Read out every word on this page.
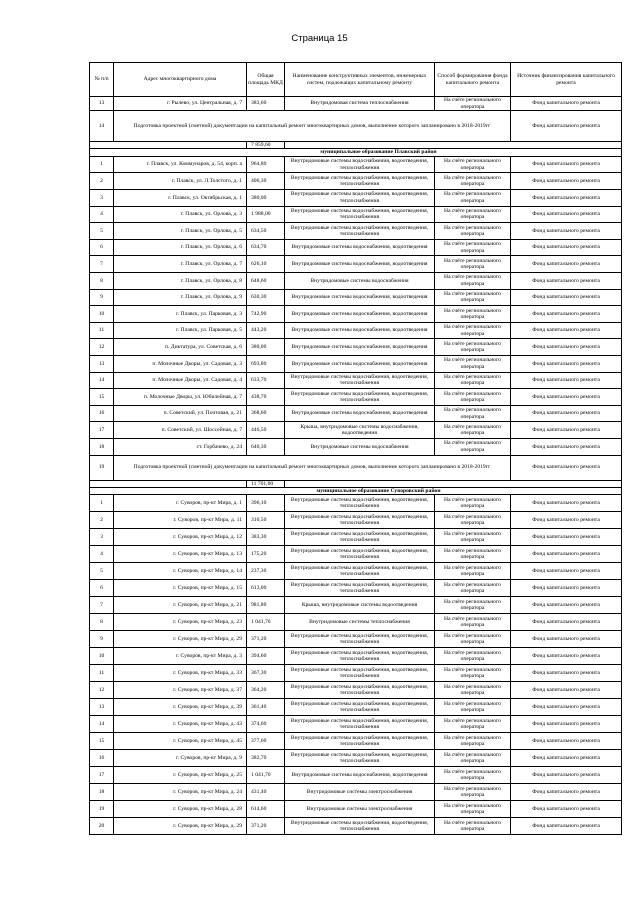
Страница 15
№ п/п	Адрес многоквартирного дома	Общая площадь МКД	Наименование конструктивных элементов, инженерных систем, подлежащих капитальному ремонту	Способ формирования фонда капитального ремонта	Источник финансирования капитального ремонта
13	г. Рылево, ул. Центральная, д. 7	383,60	Внутридомовая система теплоснабжения	На счёте регионального оператора	Фонд капитального ремонта
14	Подготовка проектной (сметной) документации на капитальный ремонт многоквартирных домов, выполнение которого запланировано в 2018-2019гг				Фонд капитального ремонта
		7 859,60			
		муниципальное образование Плавский район			
1	г. Плавск, ул. Коммунаров, д. 54, корп. а	964,80	Внутридомовые системы водоснабжения, водоотведения, теплоснабжения	На счёте регионального оператора	Фонд капитального ремонта
2	г. Плавск, ул. Л.Толстого, д. 1	406,30	Внутридомовые системы водоснабжения, водоотведения, теплоснабжения	На счёте регионального оператора	Фонд капитального ремонта
3	г. Плавск, ул. Октябрьская, д. 1	380,00	Внутридомовые системы водоснабжения, водоотведения, теплоснабжения	На счёте регионального оператора	Фонд капитального ремонта
4	г. Плавск, ул. Орлова, д. 3	1 988,00	Внутридомовые системы водоснабжения, водоотведения, теплоснабжения	На счёте регионального оператора	Фонд капитального ремонта
5	г. Плавск, ул. Орлова, д. 5	634,50	Внутридомовые системы водоснабжения, водоотведения, теплоснабжения	На счёте регионального оператора	Фонд капитального ремонта
6	г. Плавск, ул. Орлова, д. 6	634,70	Внутридомовые системы водоснабжения, водоотведения	На счёте регионального оператора	Фонд капитального ремонта
7	г. Плавск, ул. Орлова, д. 7	626,10	Внутридомовые системы водоснабжения, водоотведения	На счёте регионального оператора	Фонд капитального ремонта
8	г. Плавск, ул. Орлова, д. 8	648,60	Внутридомовые системы водоснабжения	На счёте регионального оператора	Фонд капитального ремонта
9	г. Плавск, ул. Орлова, д. 9	630,30	Внутридомовые системы водоснабжения, водоотведения	На счёте регионального оператора	Фонд капитального ремонта
10	г. Плавск, ул. Парковая, д. 3	742,90	Внутридомовые системы водоснабжения, водоотведения	На счёте регионального оператора	Фонд капитального ремонта
11	г. Плавск, ул. Парковая, д. 5	443,20	Внутридомовые системы водоснабжения, водоотведения	На счёте регионального оператора	Фонд капитального ремонта
12	п. Диктатура, ул. Советская, д. 6	380,00	Внутридомовые системы водоснабжения, водоотведения	На счёте регионального оператора	Фонд капитального ремонта
13	п. Молочные Дворы, ул. Садовая, д. 3	693,80	Внутридомовые системы водоснабжения, водоотведения	На счёте регионального оператора	Фонд капитального ремонта
14	п. Молочные Дворы, ул. Садовая, д. 4	633,70	Внутридомовые системы водоснабжения, водоотведения, теплоснабжения	На счёте регионального оператора	Фонд капитального ремонта
15	п. Молочные Дворы, ул. Юбилейная, д. 7	438,70	Внутридомовые системы водоснабжения, водоотведения, теплоснабжения	На счёте регионального оператора	Фонд капитального ремонта
16	п. Советский, ул. Почтовая, д. 21	368,60	Внутридомовые системы водоснабжения, водоотведения	На счёте регионального оператора	Фонд капитального ремонта
17	п. Советский, ул. Шоссейная, д. 7	446,50	Крыша, внутридомовые системы водоснабжения, водоотведения	На счёте регионального оператора	Фонд капитального ремонта
18	ст. Горбачево, д. 24	640,30	Внутридомовые системы водоснабжения	На счёте регионального оператора	Фонд капитального ремонта
19	Подготовка проектной (сметной) документации на капитальный ремонт многоквартирных домов, выполнение которого запланировано в 2018-2019гг				Фонд капитального ремонта
		11 701,00			
		муниципальное образование Суворовский район			
1	г. Суворов, пр-кт Мира, д. 1	396,10	Внутридомовые системы водоснабжения, водоотведения, теплоснабжения	На счёте регионального оператора	Фонд капитального ремонта
2	г. Суворов, пр-кт Мира, д. 11	310,50	Внутридомовые системы водоснабжения, водоотведения, теплоснабжения	На счёте регионального оператора	Фонд капитального ремонта
3	г. Суворов, пр-кт Мира, д. 12	383,30	Внутридомовые системы водоснабжения, водоотведения, теплоснабжения	На счёте регионального оператора	Фонд капитального ремонта
4	г. Суворов, пр-кт Мира, д. 13	175,20	Внутридомовые системы водоснабжения, водоотведения, теплоснабжения	На счёте регионального оператора	Фонд капитального ремонта
5	г. Суворов, пр-кт Мира, д. 14	237,30	Внутридомовые системы водоснабжения, водоотведения, теплоснабжения	На счёте регионального оператора	Фонд капитального ремонта
6	г. Суворов, пр-кт Мира, д. 15	613,00	Внутридомовые системы водоснабжения, водоотведения, теплоснабжения	На счёте регионального оператора	Фонд капитального ремонта
7	г. Суворов, пр-кт Мира, д. 21	981,80	Крыша, внутридомовые системы водоотведения	На счёте регионального оператора	Фонд капитального ремонта
8	г. Суворов, пр-кт Мира, д. 23	1 041,70	Внутридомовые системы теплоснабжения	На счёте регионального оператора	Фонд капитального ремонта
9	г. Суворов, пр-кт Мира, д. 29	371,20	Внутридомовые системы водоснабжения, водоотведения, теплоснабжения	На счёте регионального оператора	Фонд капитального ремонта
10	г. Суворов, пр-кт Мира, д. 3	394,60	Внутридомовые системы водоснабжения, водоотведения, теплоснабжения	На счёте регионального оператора	Фонд капитального ремонта
11	г. Суворов, пр-кт Мира, д. 33	367,30	Внутридомовые системы водоснабжения, водоотведения, теплоснабжения	На счёте регионального оператора	Фонд капитального ремонта
12	г. Суворов, пр-кт Мира, д. 37	364,20	Внутридомовые системы водоснабжения, водоотведения, теплоснабжения	На счёте регионального оператора	Фонд капитального ремонта
13	г. Суворов, пр-кт Мира, д. 39	361,40	Внутридомовые системы водоснабжения, водоотведения, теплоснабжения	На счёте регионального оператора	Фонд капитального ремонта
14	г. Суворов, пр-кт Мира, д. 43	374,60	Внутридомовые системы водоснабжения, водоотведения, теплоснабжения	На счёте регионального оператора	Фонд капитального ремонта
15	г. Суворов, пр-кт Мира, д. 45	377,60	Внутридомовые системы водоснабжения, водоотведения, теплоснабжения	На счёте регионального оператора	Фонд капитального ремонта
16	г. Суворов, пр-кт Мира, д. 9	382,70	Внутридомовые системы водоснабжения, водоотведения, теплоснабжения	На счёте регионального оператора	Фонд капитального ремонта
17	г. Суворов, пр-кт Мира, д. 25	1 041,70	Внутридомовые системы водоснабжения, водоотведения	На счёте регионального оператора	Фонд капитального ремонта
18	г. Суворов, пр-кт Мира, д. 24	431,40	Внутридомовые системы электроснабжения	На счёте регионального оператора	Фонд капитального ремонта
19	г. Суворов, пр-кт Мира, д. 28	614,60	Внутридомовые системы электроснабжения	На счёте регионального оператора	Фонд капитального ремонта
20	г. Суворов, пр-кт Мира, д. 29	371,20	Внутридомовые системы водоснабжения, водоотведения, теплоснабжения	На счёте регионального оператора	Фонд капитального ремонта
